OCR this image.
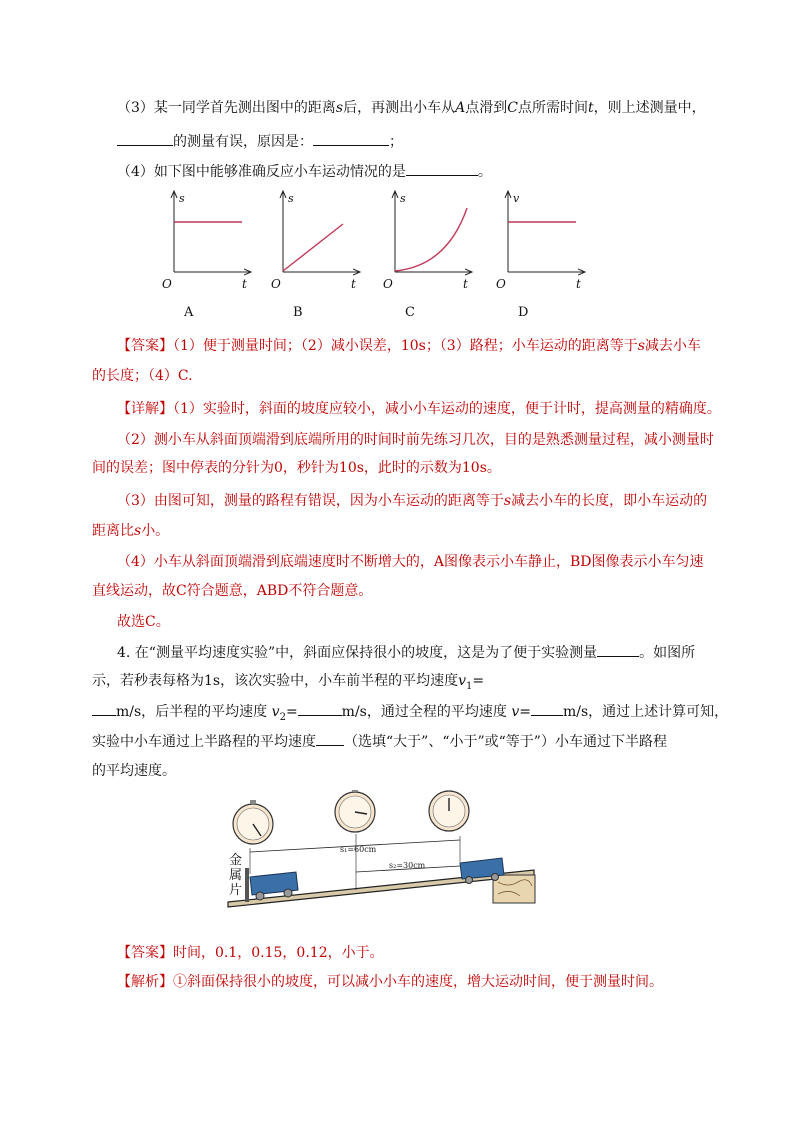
（3）某一同学首先测出图中的距离s后，再测出小车从A点滑到C点所需时间t，则上述测量中，
的测量有误，原因是：	；
（4）如下图中能够准确反应小车运动情况的是	。
s
t
O
A
s
t
O
B
s
t
O
C
v
t
O
D
【答案】（1）便于测量时间；（2）减小误差，10s；（3）路程；小车运动的距离等于s减去小车
的长度；（4）C.
【详解】（1）实验时，斜面的坡度应较小，减小小车运动的速度，便于计时，提高测量的精确度。
（2）测小车从斜面顶端滑到底端所用的时间时前先练习几次，目的是熟悉测量过程，减小测量时
间的误差；图中停表的分针为0，秒针为10s，此时的示数为10s。
（3）由图可知，测量的路程有错误，因为小车运动的距离等于s减去小车的长度，即小车运动的
距离比s小。
（4）小车从斜面顶端滑到底端速度时不断增大的，A图像表示小车静止，BD图像表示小车匀速
直线运动，故C符合题意，ABD不符合题意。
故选C。
4. 在“测量平均速度实验”中，斜面应保持很小的坡度，这是为了便于实验测量	。如图所
示，若秒表每格为1s，该次实验中，小车前半程的平均速度$v_1=$
m/s，后半程的平均速度 $v_2=$	m/s，通过全程的平均速度 v= m/s，通过上述计算可知，
实验中小车通过上半路程的平均速度 （选填“大于”、“小于”或“等于”）小车通过下半路程
的平均速度。
s₁=60cm
s₂=30cm
金
属
片
【答案】时间，0.1，0.15，0.12，小于。
【解析】①斜面保持很小的坡度，可以减小小车的速度，增大运动时间，便于测量时间。
